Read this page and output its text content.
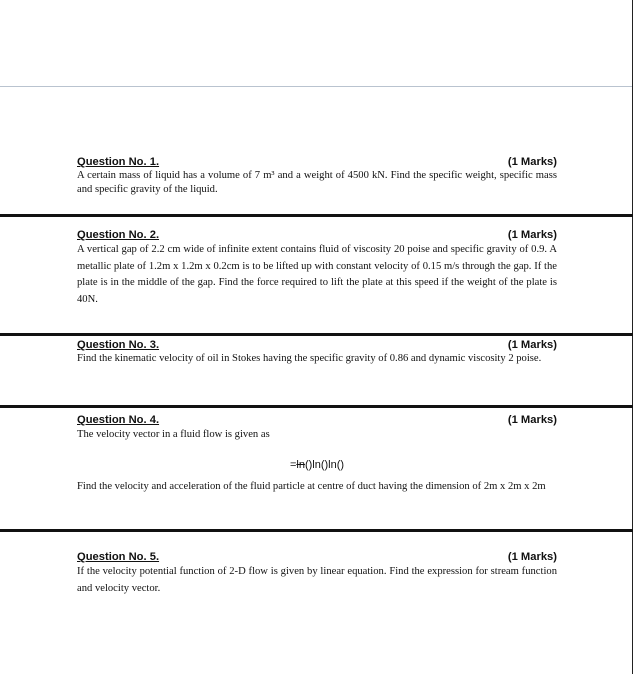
Question No. 1.	(1 Marks)

A certain mass of liquid has a volume of 7 m³ and a weight of 4500 kN. Find the specific weight, specific mass and specific gravity of the liquid.

Question No. 2.	(1 Marks)

A vertical gap of 2.2 cm wide of infinite extent contains fluid of viscosity 20 poise and specific gravity of 0.9. A metallic plate of 1.2m x 1.2m x 0.2cm is to be lifted up with constant velocity of 0.15 m/s through the gap. If the plate is in the middle of the gap. Find the force required to lift the plate at this speed if the weight of the plate is 40N.

Question No. 3.	(1 Marks)

Find the kinematic velocity of oil in Stokes having the specific gravity of 0.86 and dynamic viscosity 2 poise.

Question No. 4.	(1 Marks)

The velocity vector in a fluid flow is given as

=ln()ln()ln()

Find the velocity and acceleration of the fluid particle at centre of duct having the dimension of 2m x 2m x 2m

Question No. 5.	(1 Marks)

If the velocity potential function of 2-D flow is given by linear equation. Find the expression for stream function and velocity vector.
